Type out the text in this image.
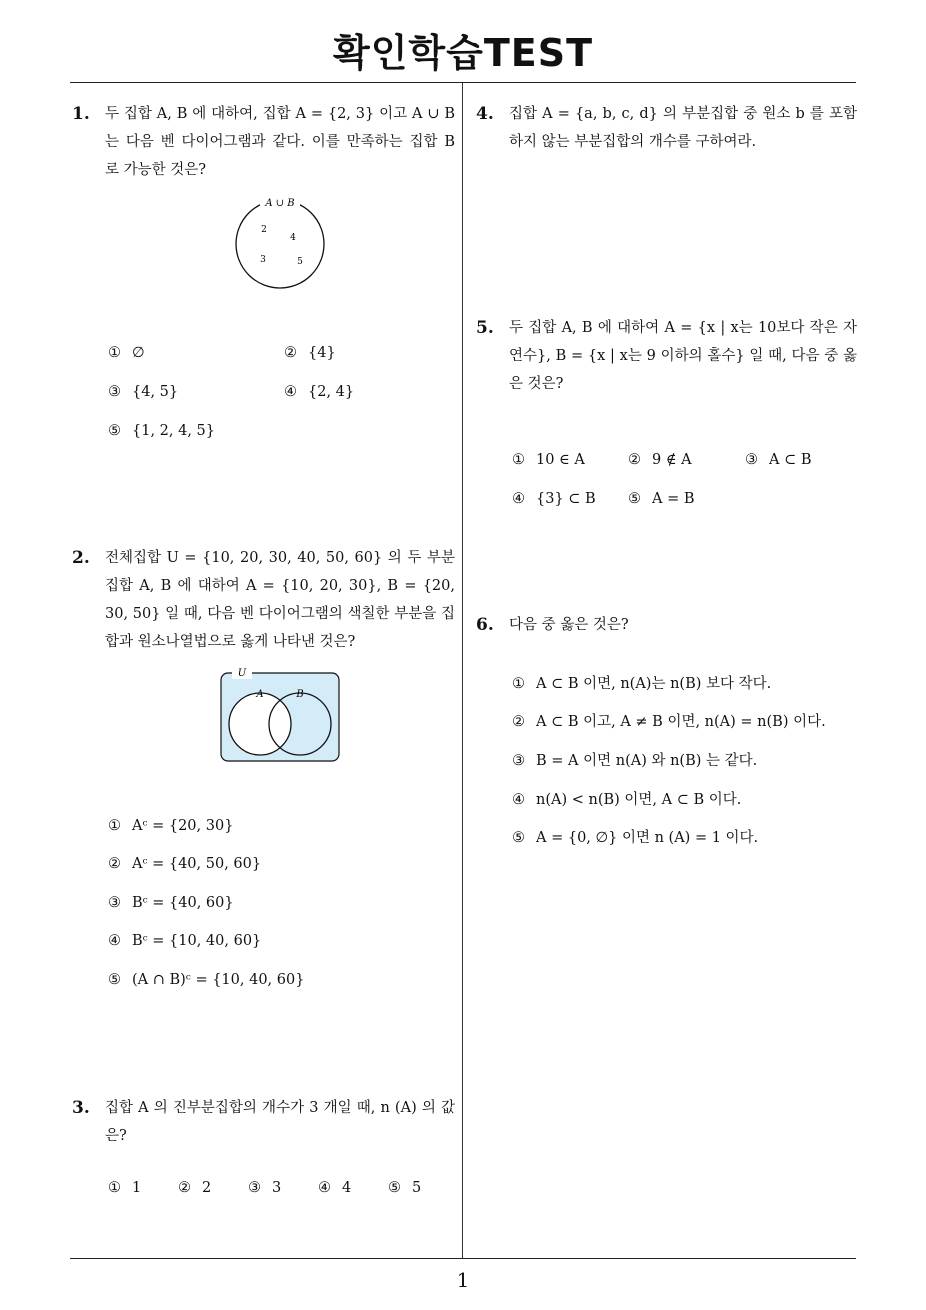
확인학습TEST
1. 두 집합 A, B 에 대하여, 집합 A = {2, 3} 이고 A ∪ B 는 다음 벤 다이어그램과 같다. 이를 만족하는 집합 B 로 가능한 것은?
A ∪ B
2
4
3	5
① ∅	② {4}
③ {4, 5}	④ {2, 4}
⑤ {1, 2, 4, 5}
2. 전체집합 U = {10, 20, 30, 40, 50, 60} 의 두 부분집합 A, B 에 대하여 A = {10, 20, 30}, B = {20, 30, 50} 일 때, 다음 벤 다이어그램의 색칠한 부분을 집합과 원소나열법으로 옳게 나타낸 것은?
U
A	B
① Aᶜ = {20, 30}
② Aᶜ = {40, 50, 60}
③ Bᶜ = {40, 60}
④ Bᶜ = {10, 40, 60}
⑤ (A ∩ B)ᶜ = {10, 40, 60}
3. 집합 A 의 진부분집합의 개수가 3 개일 때, n (A) 의 값은?
① 1	② 2	③ 3	④ 4	⑤ 5
4. 집합 A = {a, b, c, d} 의 부분집합 중 원소 b 를 포함하지 않는 부분집합의 개수를 구하여라.
5. 두 집합 A, B 에 대하여 A = {x | x는 10보다 작은 자연수}, B = {x | x는 9 이하의 홀수} 일 때, 다음 중 옳은 것은?
① 10 ∈ A	② 9 ∉ A	③ A ⊂ B
④ {3} ⊂ B ⑤ A = B
6. 다음 중 옳은 것은?
① A ⊂ B 이면, n(A)는 n(B) 보다 작다.
② A ⊂ B 이고, A ≠ B 이면, n(A) = n(B) 이다.
③ B = A 이면 n(A) 와 n(B) 는 같다.
④ n(A) < n(B) 이면, A ⊂ B 이다.
⑤ A = {0, ∅} 이면 n (A) = 1 이다.
1
